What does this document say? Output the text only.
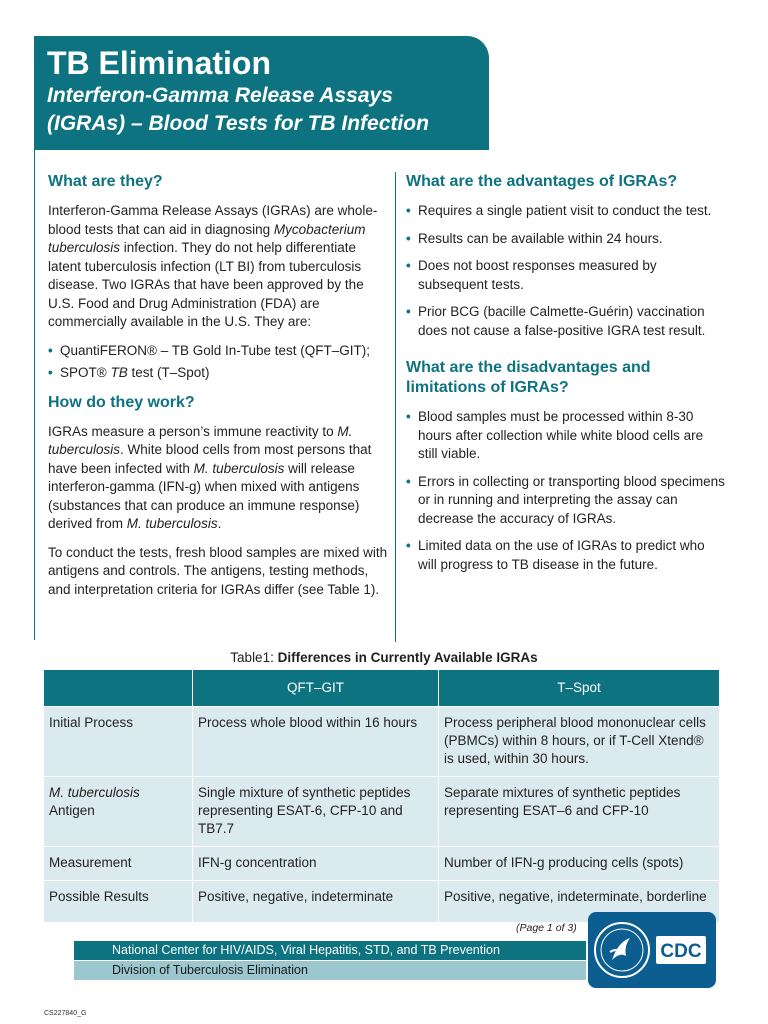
TB Elimination
Interferon-Gamma Release Assays
(IGRAs) – Blood Tests for TB Infection
What are they?

Interferon-Gamma Release Assays (IGRAs) are whole-blood tests that can aid in diagnosing Mycobacterium tuberculosis infection. They do not help differentiate latent tuberculosis infection (LT BI) from tuberculosis disease. Two IGRAs that have been approved by the U.S. Food and Drug Administration (FDA) are commercially available in the U.S. They are:

• QuantiFERON® – TB Gold In-Tube test (QFT–GIT);
• SPOT® TB test (T–Spot)
How do they work?

IGRAs measure a person’s immune reactivity to M. tuberculosis. White blood cells from most persons that have been infected with M. tuberculosis will release interferon-gamma (IFN-g) when mixed with antigens (substances that can produce an immune response) derived from M. tuberculosis.

To conduct the tests, fresh blood samples are mixed with antigens and controls. The antigens, testing methods, and interpretation criteria for IGRAs differ (see Table 1).

What are the advantages of IGRAs?
• Requires a single patient visit to conduct the test.
• Results can be available within 24 hours.
• Does not boost responses measured by subsequent tests.
• Prior BCG (bacille Calmette-Guérin) vaccination does not cause a false-positive IGRA test result.
What are the disadvantages and limitations of IGRAs?
• Blood samples must be processed within 8-30 hours after collection while white blood cells are still viable.
• Errors in collecting or transporting blood specimens or in running and interpreting the assay can decrease the accuracy of IGRAs.
• Limited data on the use of IGRAs to predict who will progress to TB disease in the future.
Table1: Differences in Currently Available IGRAs
	QFT–GIT	T–Spot
Initial Process	Process whole blood within 16 hours	Process peripheral blood mononuclear cells (PBMCs) within 8 hours, or if T-Cell Xtend® is used, within 30 hours.
M. tuberculosis Antigen	Single mixture of synthetic peptides representing ESAT-6, CFP-10 and TB7.7	Separate mixtures of synthetic peptides representing ESAT–6 and CFP-10
Measurement	IFN-g concentration	Number of IFN-g producing cells (spots)
Possible Results	Positive, negative, indeterminate	Positive, negative, indeterminate, borderline
(Page 1 of 3)
National Center for HIV/AIDS, Viral Hepatitis, STD, and TB Prevention
Division of Tuberculosis Elimination
CDC
CS227840_G
